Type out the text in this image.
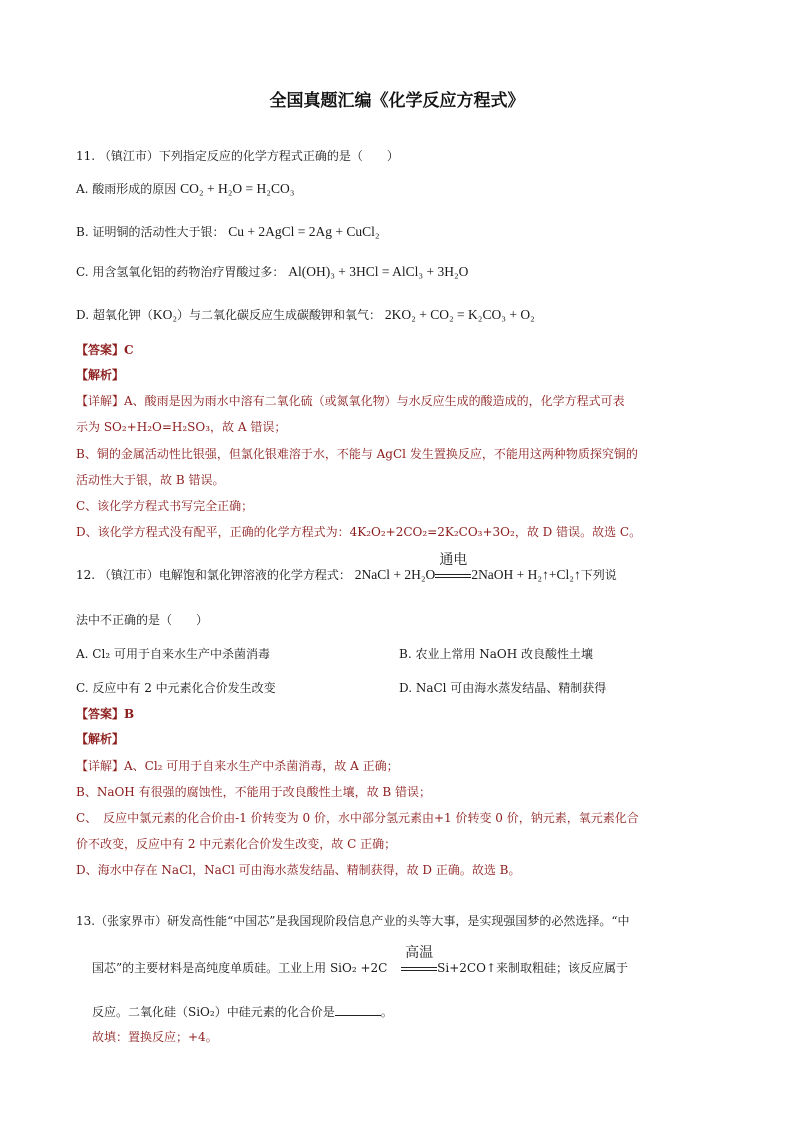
全国真题汇编《化学反应方程式》
11. （镇江市）下列指定反应的化学方程式正确的是（　　）
A. 酸雨形成的原因 CO₂ + H₂O = H₂CO₃
B. 证明铜的活动性大于银： Cu + 2AgCl = 2Ag + CuCl₂
C. 用含氢氧化铝的药物治疗胃酸过多： Al(OH)₃ + 3HCl = AlCl₃ + 3H₂O
D. 超氧化钾（KO₂）与二氧化碳反应生成碳酸钾和氧气： 2KO₂ + CO₂ = K₂CO₃ + O₂
【答案】C
【解析】
【详解】A、酸雨是因为雨水中溶有二氧化硫（或氮氧化物）与水反应生成的酸造成的，化学方程式可表
示为 SO₂+H₂O=H₂SO₃，故 A 错误；
B、铜的金属活动性比银强，但氯化银难溶于水，不能与 AgCl 发生置换反应，不能用这两种物质探究铜的
活动性大于银，故 B 错误。
C、该化学方程式书写完全正确；
D、该化学方程式没有配平，正确的化学方程式为：4K₂O₂+2CO₂=2K₂CO₃+3O₂，故 D 错误。故选 C。
12. （镇江市）电解饱和氯化钾溶液的化学方程式： 2NaCl + 2H₂O
通电
2NaOH + H₂↑+Cl₂↑下列说
法中不正确的是（　　）
A. Cl₂ 可用于自来水生产中杀菌消毒	B. 农业上常用 NaOH 改良酸性土壤
C. 反应中有 2 中元素化合价发生改变	D. NaCl 可由海水蒸发结晶、精制获得
【答案】B
【解析】
【详解】A、Cl₂ 可用于自来水生产中杀菌消毒，故 A 正确；
B、NaOH 有很强的腐蚀性，不能用于改良酸性土壤，故 B 错误；
C、　反应中氯元素的化合价由-1 价转变为 0 价，水中部分氢元素由+1 价转变 0 价，钠元素，氧元素化合
价不改变，反应中有 2 中元素化合价发生改变，故 C 正确；
D、海水中存在 NaCl，NaCl 可由海水蒸发结晶、精制获得，故 D 正确。故选 B。
13.（张家界市）研发高性能“中国芯”是我国现阶段信息产业的头等大事，是实现强国梦的必然选择。“中
国芯”的主要材料是高纯度单质硅。工业上用 SiO₂ +2C
高温
Si+2CO↑来制取粗硅；该反应属于
反应。二氧化硅（SiO₂）中硅元素的化合价是	。
故填：置换反应；+4。
